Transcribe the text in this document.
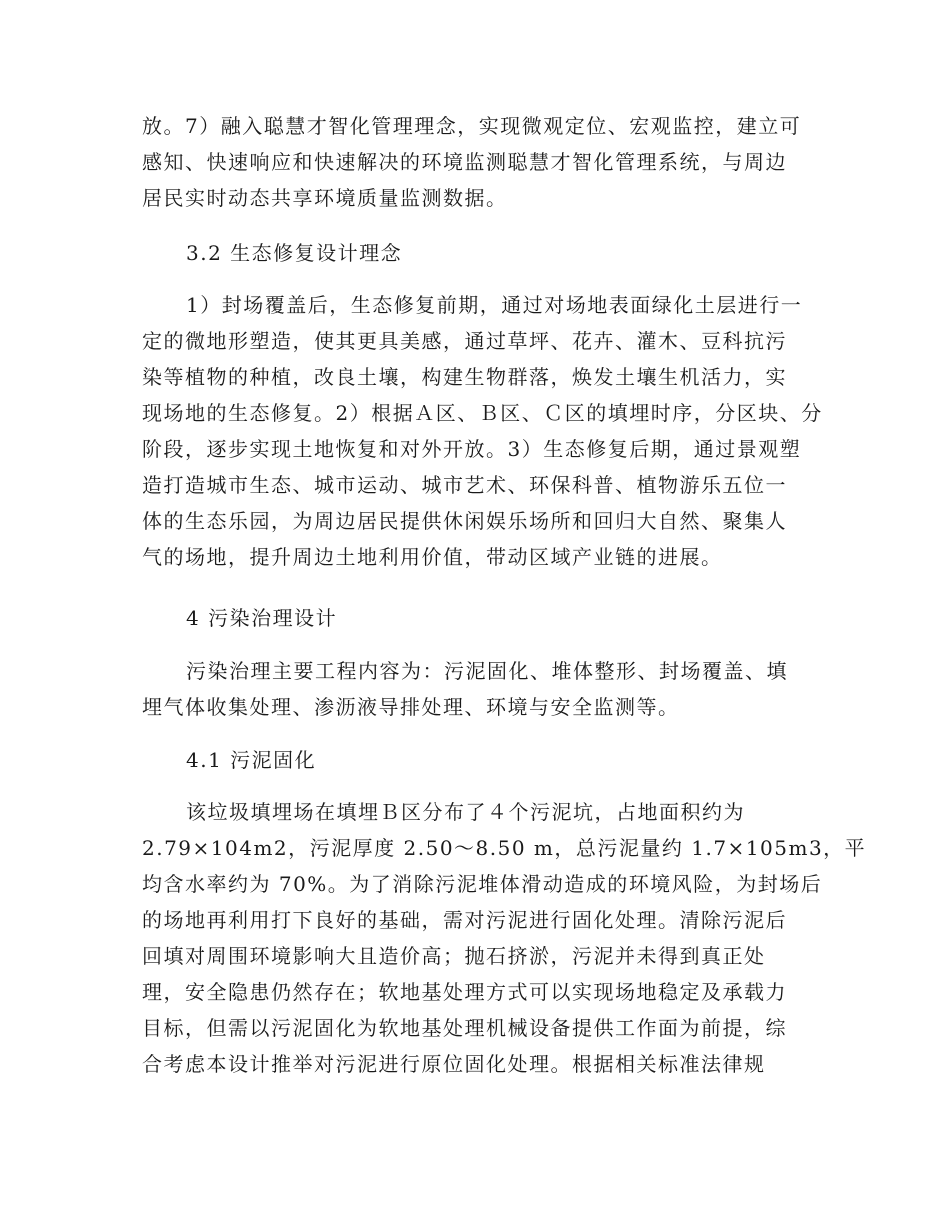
放。7）融入聪慧才智化管理理念，实现微观定位、宏观监控，建立可
感知、快速响应和快速解决的环境监测聪慧才智化管理系统，与周边
居民实时动态共享环境质量监测数据。
3.2 生态修复设计理念
1）封场覆盖后，生态修复前期，通过对场地表面绿化土层进行一
定的微地形塑造，使其更具美感，通过草坪、花卉、灌木、豆科抗污
染等植物的种植，改良土壤，构建生物群落，焕发土壤生机活力，实
现场地的生态修复。2）根据Ａ区、Ｂ区、Ｃ区的填埋时序，分区块、分
阶段，逐步实现土地恢复和对外开放。3）生态修复后期，通过景观塑
造打造城市生态、城市运动、城市艺术、环保科普、植物游乐五位一
体的生态乐园，为周边居民提供休闲娱乐场所和回归大自然、聚集人
气的场地，提升周边土地利用价值，带动区域产业链的进展。
4 污染治理设计
污染治理主要工程内容为：污泥固化、堆体整形、封场覆盖、填
埋气体收集处理、渗沥液导排处理、环境与安全监测等。
4.1 污泥固化
该垃圾填埋场在填埋Ｂ区分布了４个污泥坑，占地面积约为
2.79×104m2，污泥厚度 2.50～8.50 m，总污泥量约 1.7×105m3，平
均含水率约为 70%。为了消除污泥堆体滑动造成的环境风险，为封场后
的场地再利用打下良好的基础，需对污泥进行固化处理。清除污泥后
回填对周围环境影响大且造价高；抛石挤淤，污泥并未得到真正处
理，安全隐患仍然存在；软地基处理方式可以实现场地稳定及承载力
目标，但需以污泥固化为软地基处理机械设备提供工作面为前提，综
合考虑本设计推举对污泥进行原位固化处理。根据相关标准法律规
